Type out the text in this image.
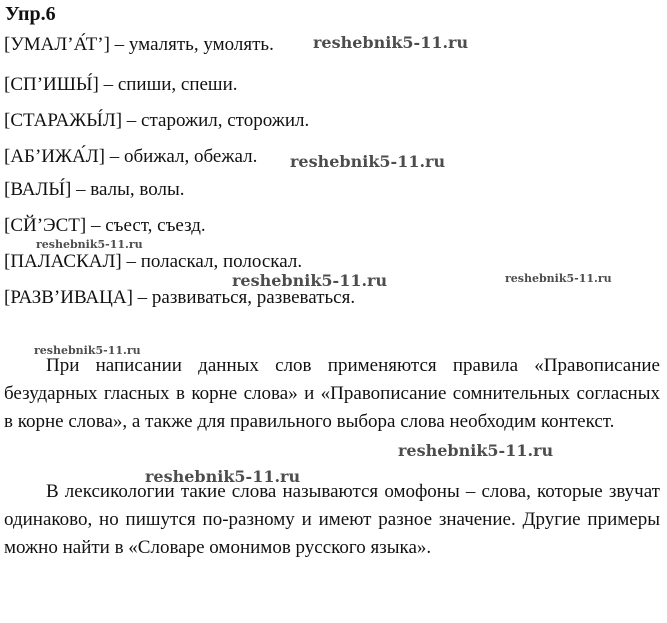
Упр.6
[УМАЛ’А́Т’] – умалять, умолять.
[СП’ИШЫ́] – спиши, спеши.
[СТАРАЖЫ́Л] – старожил, сторожил.
[АБ’ИЖА́Л] – обижал, обежал.
[ВАЛЫ́] – валы, волы.
[СЙ’ЭСТ] – съест, съезд.
[ПАЛАСКАЛ] – поласкал, полоскал.
[РАЗВ’ИВАЦА] – развиваться, развеваться.
При написании данных слов применяются правила «Правописание безударных гласных в корне слова» и «Правописание сомнительных согласных в корне слова», а также для правильного выбора слова необходим контекст.
В лексикологии такие слова называются омофоны – слова, которые звучат одинаково, но пишутся по-разному и имеют разное значение. Другие примеры можно найти в «Словаре омонимов русского языка».
reshebnik5-11.ru
reshebnik5-11.ru
reshebnik5-11.ru
reshebnik5-11.ru	reshebnik5-11.ru
reshebnik5-11.ru
reshebnik5-11.ru
reshebnik5-11.ru
